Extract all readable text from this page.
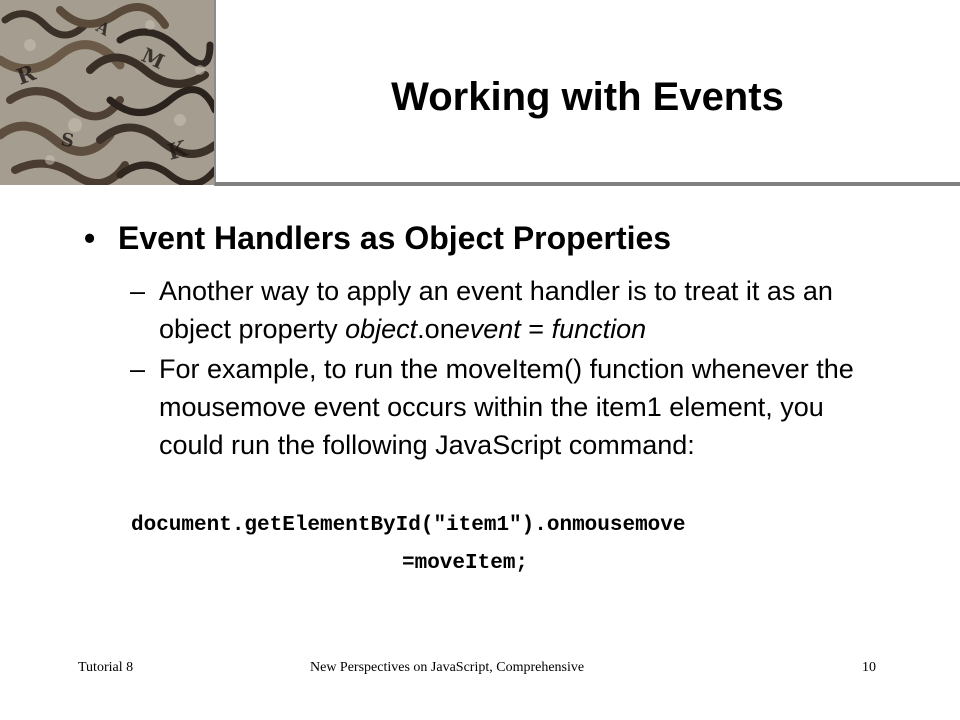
R
M
S	K
A
Working with Events
• Event Handlers as Object Properties
– Another way to apply an event handler is to treat it as an object property object.onevent = function
– For example, to run the moveItem() function whenever the mousemove event occurs within the item1 element, you could run the following JavaScript command:
document.getElementById("item1").onmousemove
=moveItem;
Tutorial 8	New Perspectives on JavaScript, Comprehensive	10
